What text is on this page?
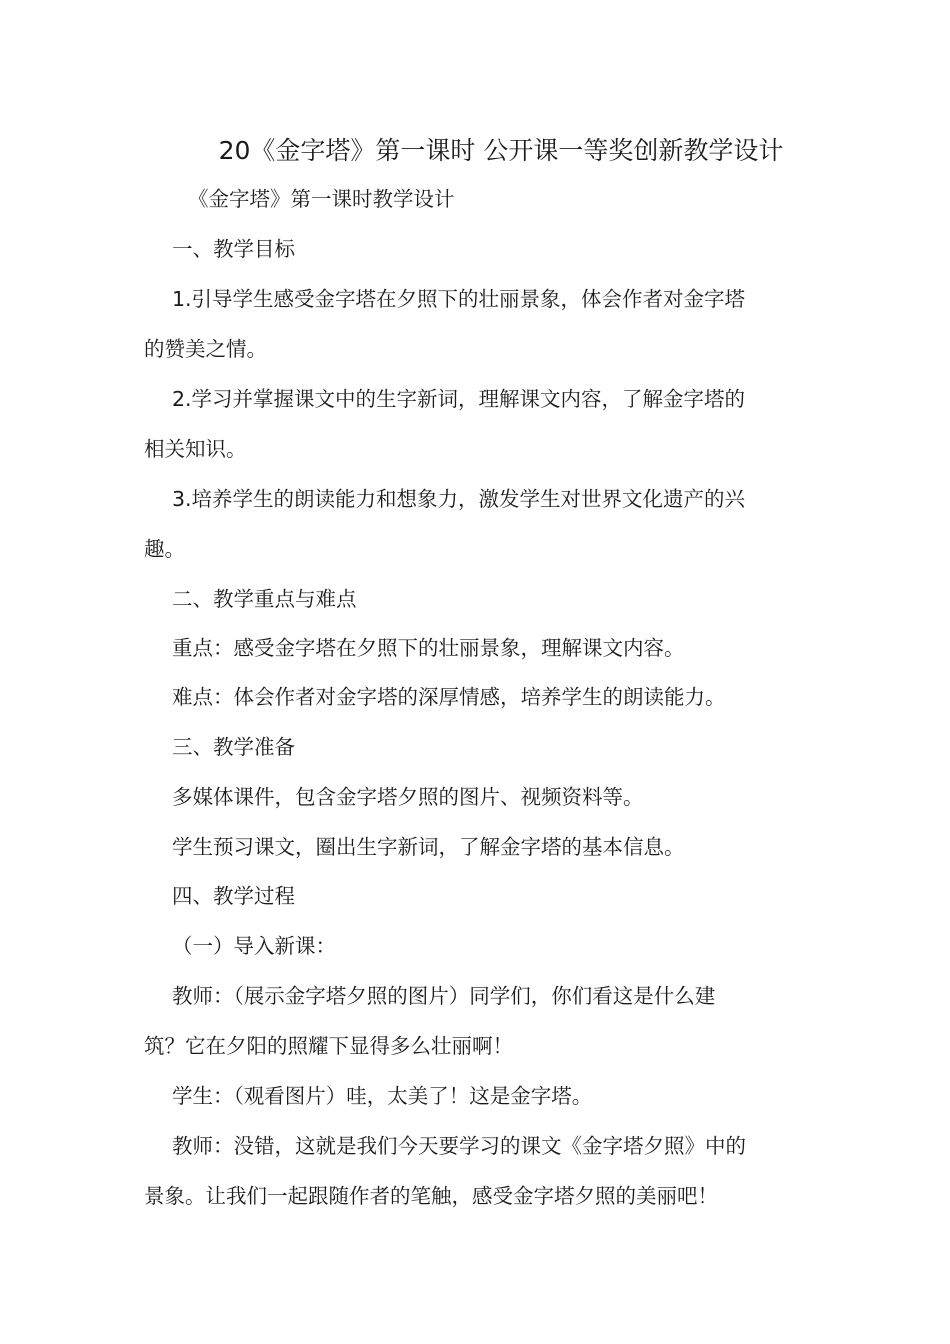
20《金字塔》第一课时 公开课一等奖创新教学设计
《金字塔》第一课时教学设计
一、教学目标
1.引导学生感受金字塔在夕照下的壮丽景象，体会作者对金字塔
的赞美之情。
2.学习并掌握课文中的生字新词，理解课文内容，了解金字塔的
相关知识。
3.培养学生的朗读能力和想象力，激发学生对世界文化遗产的兴
趣。
二、教学重点与难点
重点：感受金字塔在夕照下的壮丽景象，理解课文内容。
难点：体会作者对金字塔的深厚情感，培养学生的朗读能力。
三、教学准备
多媒体课件，包含金字塔夕照的图片、视频资料等。
学生预习课文，圈出生字新词，了解金字塔的基本信息。
四、教学过程
（一）导入新课：
教师：（展示金字塔夕照的图片）同学们，你们看这是什么建
筑？它在夕阳的照耀下显得多么壮丽啊！
学生：（观看图片）哇，太美了！这是金字塔。
教师：没错，这就是我们今天要学习的课文《金字塔夕照》中的
景象。让我们一起跟随作者的笔触，感受金字塔夕照的美丽吧！
